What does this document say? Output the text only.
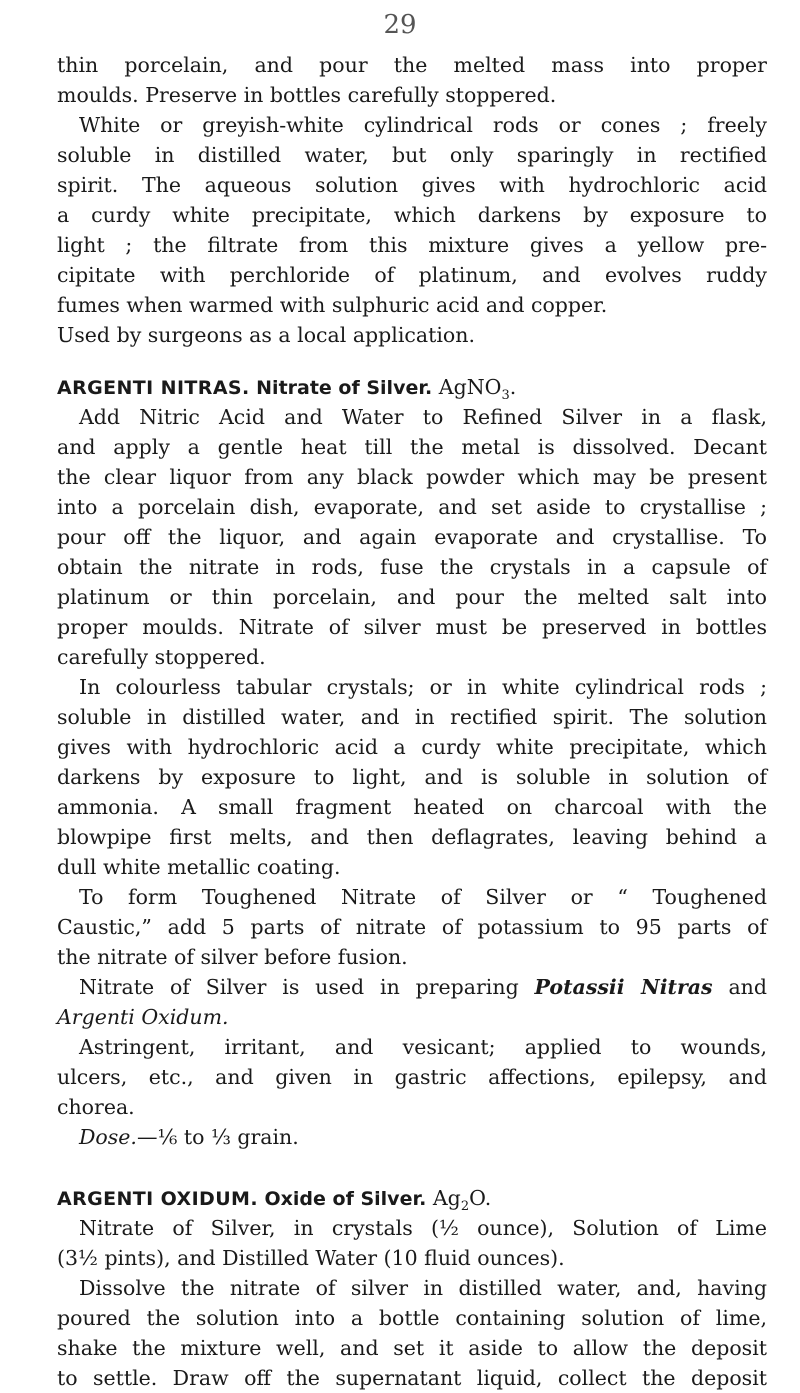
29
thin porcelain, and pour the melted mass into proper
moulds. Preserve in bottles carefully stoppered.
White or greyish-white cylindrical rods or cones ; freely
soluble in distilled water, but only sparingly in rectified
spirit. The aqueous solution gives with hydrochloric acid
a curdy white precipitate, which darkens by exposure to
light ; the filtrate from this mixture gives a yellow pre-
cipitate with perchloride of platinum, and evolves ruddy
fumes when warmed with sulphuric acid and copper.
Used by surgeons as a local application.
ARGENTI NITRAS. Nitrate of Silver. AgNO$_3$.
Add Nitric Acid and Water to Refined Silver in a flask,
and apply a gentle heat till the metal is dissolved. Decant
the clear liquor from any black powder which may be present
into a porcelain dish, evaporate, and set aside to crystallise ;
pour off the liquor, and again evaporate and crystallise. To
obtain the nitrate in rods, fuse the crystals in a capsule of
platinum or thin porcelain, and pour the melted salt into
proper moulds. Nitrate of silver must be preserved in bottles
carefully stoppered.
In colourless tabular crystals; or in white cylindrical rods ;
soluble in distilled water, and in rectified spirit. The solution
gives with hydrochloric acid a curdy white precipitate, which
darkens by exposure to light, and is soluble in solution of
ammonia. A small fragment heated on charcoal with the
blowpipe first melts, and then deflagrates, leaving behind a
dull white metallic coating.
To form Toughened Nitrate of Silver or “ Toughened
Caustic,” add 5 parts of nitrate of potassium to 95 parts of
the nitrate of silver before fusion.
Nitrate of Silver is used in preparing Potassii Nitras and
Argenti Oxidum.
Astringent, irritant, and vesicant; applied to wounds,
ulcers, etc., and given in gastric affections, epilepsy, and
chorea.
Dose.—⅙ to ⅓ grain.
ARGENTI OXIDUM. Oxide of Silver. $Ag_2O$.
Nitrate of Silver, in crystals (½ ounce), Solution of Lime
(3½ pints), and Distilled Water (10 fluid ounces).
Dissolve the nitrate of silver in distilled water, and, having
poured the solution into a bottle containing solution of lime,
shake the mixture well, and set it aside to allow the deposit
to settle. Draw off the supernatant liquid, collect the deposit
